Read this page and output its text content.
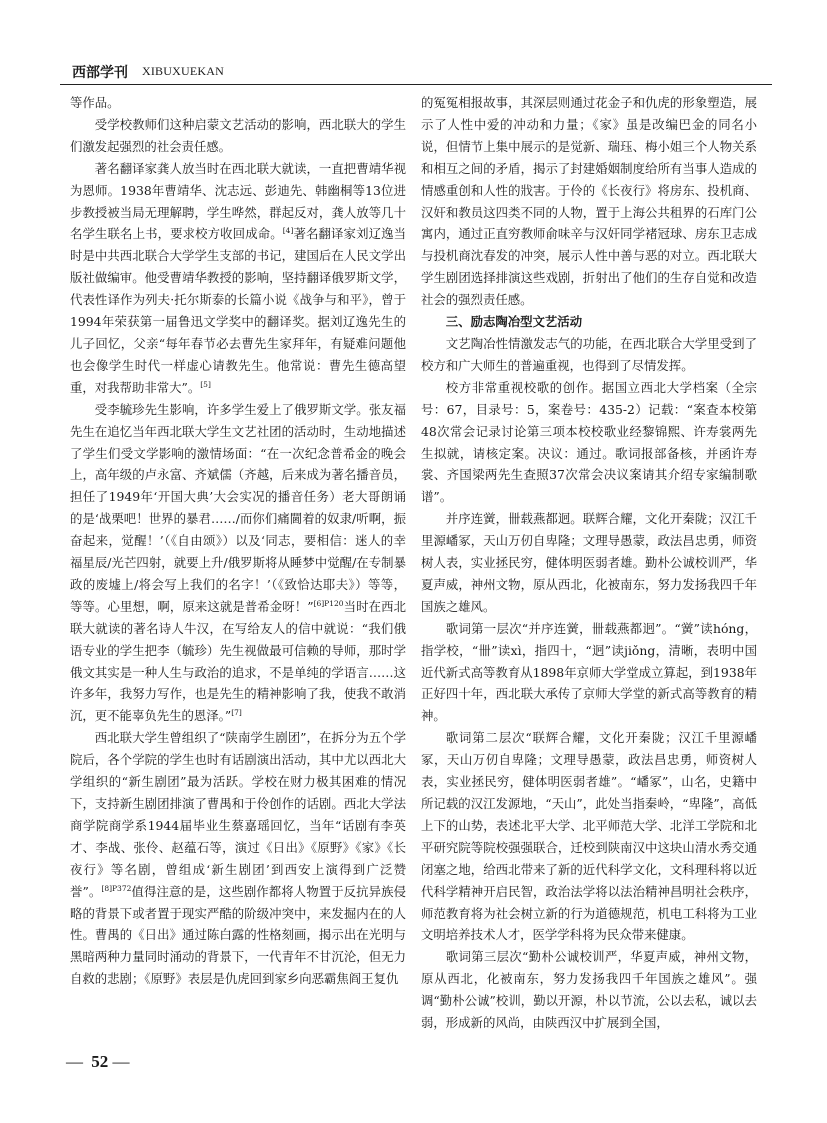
西部学刊 XIBUXUEKAN

等作品。

受学校教师们这种启蒙文艺活动的影响，西北联大的学生们激发起强烈的社会责任感。

著名翻译家龚人放当时在西北联大就读，一直把曹靖华视为恩师。1938年曹靖华、沈志远、彭迪先、韩幽桐等13位进步教授被当局无理解聘，学生哗然，群起反对，龚人放等几十名学生联名上书，要求校方收回成命。[4]著名翻译家刘辽逸当时是中共西北联合大学学生支部的书记，建国后在人民文学出版社做编审。他受曹靖华教授的影响，坚持翻译俄罗斯文学，代表性译作为列夫·托尔斯泰的长篇小说《战争与和平》，曾于1994年荣获第一届鲁迅文学奖中的翻译奖。据刘辽逸先生的儿子回忆，父亲“每年春节必去曹先生家拜年，有疑难问题他也会像学生时代一样虚心请教先生。他常说：曹先生德高望重，对我帮助非常大”。[5]

受李毓珍先生影响，许多学生爱上了俄罗斯文学。张友福先生在追忆当年西北联大学生文艺社团的活动时，生动地描述了学生们受文学影响的激情场面：“在一次纪念普希金的晚会上，高年级的卢永富、齐斌儒（齐越，后来成为著名播音员，担任了1949年‘开国大典’大会实况的播音任务）老大哥朗诵的是‘战栗吧！世界的暴君……/而你们痛閫着的奴隶/听啊，振奋起来，觉醒！’（《自由颂》）以及‘同志，要相信：迷人的幸福星辰/光芒四射，就要上升/俄罗斯将从睡梦中觉醒/在专制暴政的废墟上/将会写上我们的名字！’（《致恰达耶夫》）等等，等等。心里想，啊，原来这就是普希金呀！”$^{[6]P120}$当时在西北联大就读的著名诗人牛汉，在写给友人的信中就说：“我们俄语专业的学生把李（毓珍）先生视做最可信赖的导师，那时学俄文其实是一种人生与政治的追求，不是单纯的学语言……这许多年，我努力写作，也是先生的精神影响了我，使我不敢消沉，更不能辜负先生的恩泽。”[7]

西北联大学生曾组织了“陕南学生剧团”，在拆分为五个学院后，各个学院的学生也时有话剧演出活动，其中尤以西北大学组织的“新生剧团”最为活跃。学校在财力极其困难的情况下，支持新生剧团排演了曹禺和于伶创作的话剧。西北大学法商学院商学系1944届毕业生蔡嘉瑶回忆，当年“话剧有李英才、李战、张伶、赵蕴石等，演过《日出》《原野》《家》《长夜行》等名剧，曾组成‘新生剧团’到西安上演得到广泛赞誉”。$^{[8]P372}$值得注意的是，这些剧作都将人物置于反抗异族侵略的背景下或者置于现实严酷的阶级冲突中，来发掘内在的人性。曹禺的《日出》通过陈白露的性格刻画，揭示出在光明与黑暗两种力量同时涌动的背景下，一代青年不甘沉沦，但无力自救的悲剧；《原野》表层是仇虎回到家乡向恶霸焦阎王复仇

的冤冤相报故事，其深层则通过花金子和仇虎的形象塑造，展示了人性中爱的冲动和力量；《家》虽是改编巴金的同名小说，但情节上集中展示的是觉新、瑞珏、梅小姐三个人物关系和相互之间的矛盾，揭示了封建婚姻制度给所有当事人造成的情感重创和人性的戕害。于伶的《长夜行》将房东、投机商、汉奸和教员这四类不同的人物，置于上海公共租界的石库门公寓内，通过正直穷教师俞味辛与汉奸同学褚冠球、房东卫志成与投机商沈春发的冲突，展示人性中善与恶的对立。西北联大学生剧团选择排演这些戏剧，折射出了他们的生存自觉和改造社会的强烈责任感。

三、励志陶冶型文艺活动

文艺陶冶性情激发志气的功能，在西北联合大学里受到了校方和广大师生的普遍重视，也得到了尽情发挥。

校方非常重视校歌的创作。据国立西北大学档案（全宗号：67，目录号：5，案卷号：435-2）记载：“案查本校第48次常会记录讨论第三项本校校歌业经黎锦熙、许寿裳两先生拟就，请核定案。决议：通过。歌词报部备核，并函许寿裳、齐国梁两先生查照37次常会决议案请其介绍专家编制歌谱”。

并序连黉，卌载燕都迥。联辉合耀，文化开秦陇；汉江千里源嶓冢，天山万仞自卑隆；文理导愚蒙，政法昌忠勇，师资树人表，实业拯民穷，健体明医弱者雄。勤朴公诚校训严，华夏声威，神州文物，原从西北，化被南东，努力发扬我四千年国族之雄风。

歌词第一层次“并序连黉，卌载燕都迥”。“黉”读hóng，指学校，“卌”读xì，指四十，“迥”读jiǒng，清晰，表明中国近代新式高等教育从1898年京师大学堂成立算起，到1938年正好四十年，西北联大承传了京师大学堂的新式高等教育的精神。

歌词第二层次“联辉合耀，文化开秦陇；汉江千里源嶓冢，天山万仞自卑隆；文理导愚蒙，政法昌忠勇，师资树人表，实业拯民穷，健体明医弱者雄”。“嶓冢”，山名，史籍中所记载的汉江发源地，“天山”，此处当指秦岭，“卑隆”，高低上下的山势，表述北平大学、北平师范大学、北洋工学院和北平研究院等院校强强联合，迁校到陕南汉中这块山清水秀交通闭塞之地，给西北带来了新的近代科学文化，文科理科将以近代科学精神开启民智，政治法学将以法治精神昌明社会秩序，师范教育将为社会树立新的行为道德规范，机电工科将为工业文明培养技术人才，医学学科将为民众带来健康。

歌词第三层次“勤朴公诚校训严，华夏声威，神州文物，原从西北，化被南东，努力发扬我四千年国族之雄风”。强调“勤朴公诚”校训，勤以开源，朴以节流，公以去私，诚以去弱，形成新的风尚，由陕西汉中扩展到全国，

— 52 —
